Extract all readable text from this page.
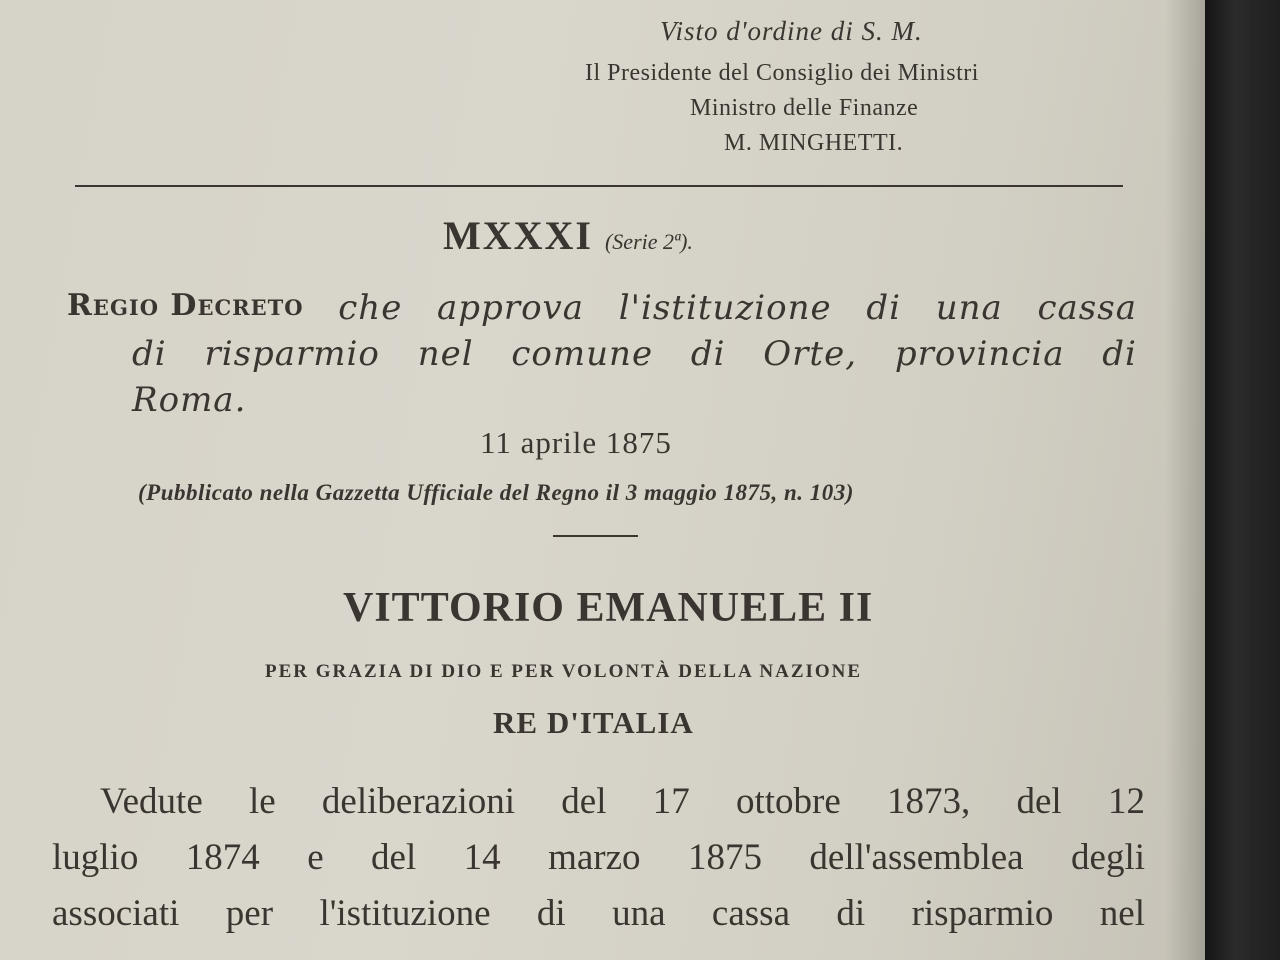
Visto d'ordine di S. M.
Il Presidente del Consiglio dei Ministri
Ministro delle Finanze
M. MINGHETTI.
MXXXI (Serie 2ª).
Regio Decreto che approva l'istituzione di una cassa
di risparmio nel comune di Orte, provincia di
Roma.
11 aprile 1875
(Pubblicato nella Gazzetta Ufficiale del Regno il 3 maggio 1875, n. 103)
VITTORIO EMANUELE II
PER GRAZIA DI DIO E PER VOLONTÀ DELLA NAZIONE
RE D'ITALIA
Vedute le deliberazioni del 17 ottobre 1873, del 12
luglio 1874 e del 14 marzo 1875 dell'assemblea degli
associati per l'istituzione di una cassa di risparmio nel
